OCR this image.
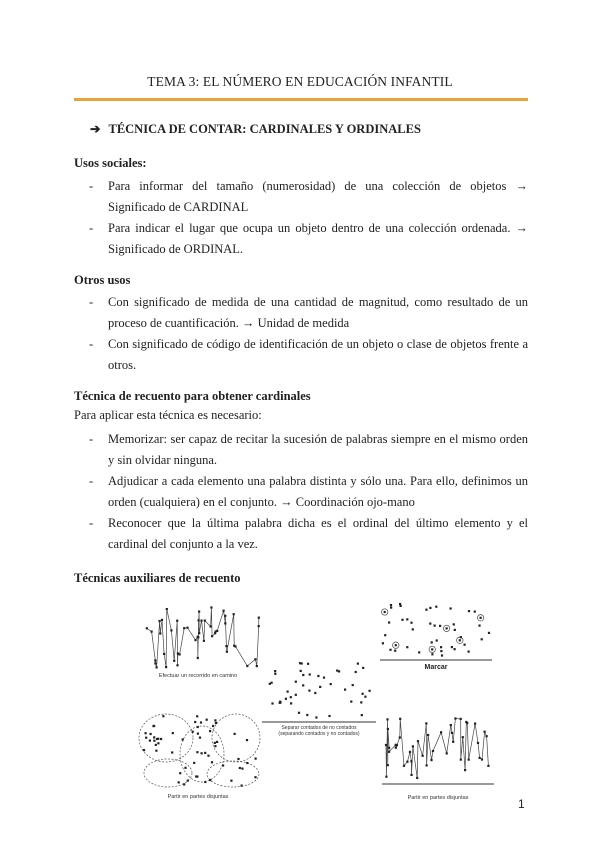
TEMA 3: EL NÚMERO EN EDUCACIÓN INFANTIL
➔ TÉCNICA DE CONTAR: CARDINALES Y ORDINALES
Usos sociales:
- Para informar del tamaño (numerosidad) de una colección de objetos → Significado de CARDINAL
- Para indicar el lugar que ocupa un objeto dentro de una colección ordenada. → Significado de ORDINAL.
Otros usos
- Con significado de medida de una cantidad de magnitud, como resultado de un proceso de cuantificación. → Unidad de medida
- Con significado de código de identificación de un objeto o clase de objetos frente a otros.
Técnica de recuento para obtener cardinales
Para aplicar esta técnica es necesario:
- Memorizar: ser capaz de recitar la sucesión de palabras siempre en el mismo orden y sin olvidar ninguna.
- Adjudicar a cada elemento una palabra distinta y sólo una. Para ello, definimos un orden (cualquiera) en el conjunto. → Coordinación ojo-mano
- Reconocer que la última palabra dicha es el ordinal del último elemento y el cardinal del conjunto a la vez.
Técnicas auxiliares de recuento
Efectuar un recorrido en camino
Marcar
Separar contados de no contados
(separando contados y no contados)
Partir en partes disjuntas	Partir en partes disjuntas	1
